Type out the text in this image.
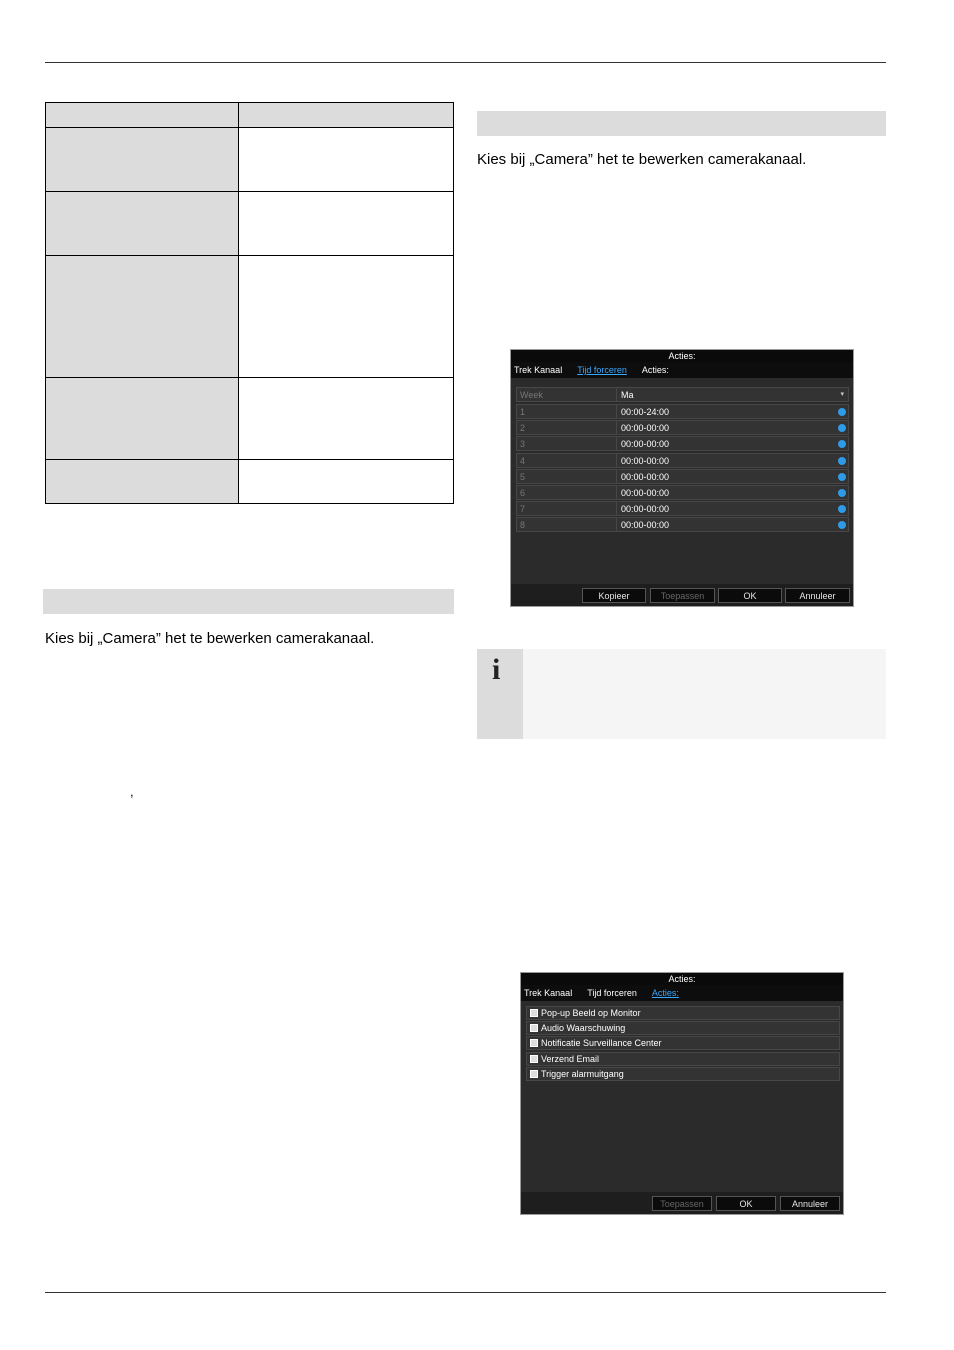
Kies bij „Camera” het te bewerken camerakanaal.
,
Kies bij „Camera” het te bewerken camerakanaal.
Acties:
Trek Kanaal Tijd forceren Acties:
Week	Ma	▾
1	00:00-24:00
2	00:00-00:00
3	00:00-00:00
4	00:00-00:00
5	00:00-00:00
6	00:00-00:00
7	00:00-00:00
8	00:00-00:00
Kopieer	Toepassen	OK	Annuleer
i
Acties:
Trek Kanaal Tijd forceren Acties:
Pop-up Beeld op Monitor
Audio Waarschuwing
Notificatie Surveillance Center
Verzend Email
Trigger alarmuitgang
Toepassen	OK	Annuleer
